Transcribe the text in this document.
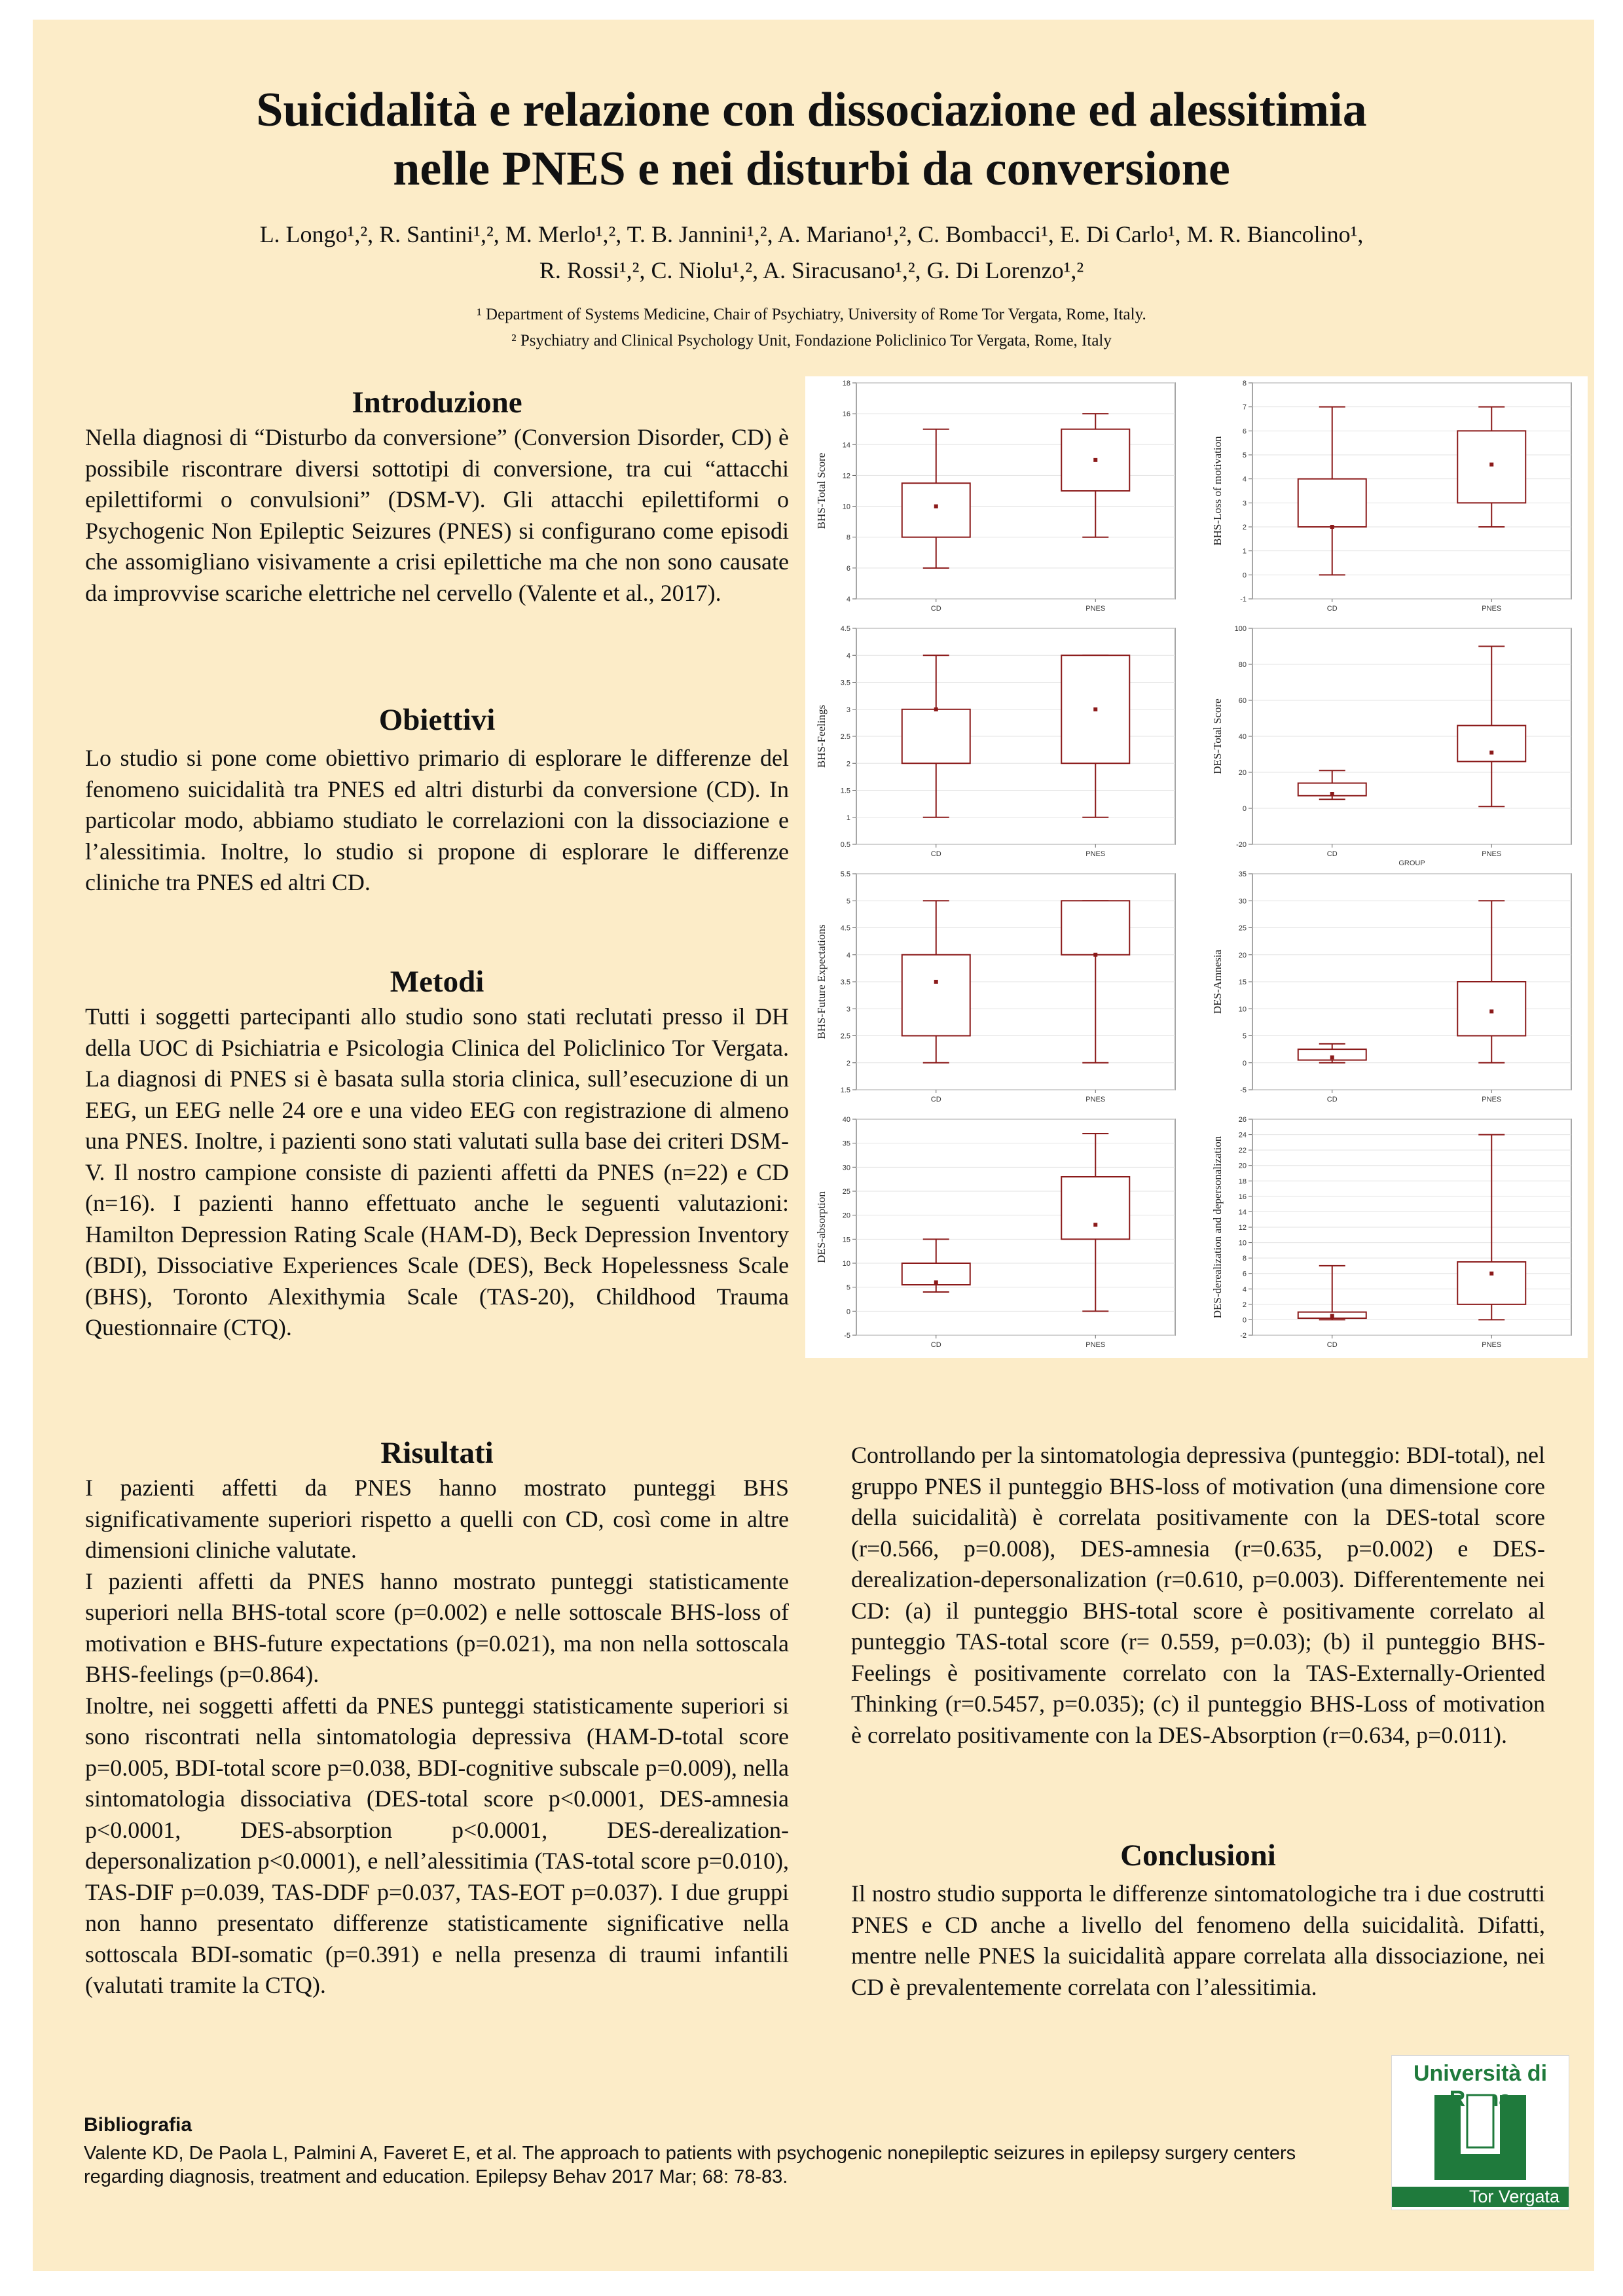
Suicidalità e relazione con dissociazione ed alessitimia
nelle PNES e nei disturbi da conversione
L. Longo¹,², R. Santini¹,², M. Merlo¹,², T. B. Jannini¹,², A. Mariano¹,², C. Bombacci¹, E. Di Carlo¹, M. R. Biancolino¹,
R. Rossi¹,², C. Niolu¹,², A. Siracusano¹,², G. Di Lorenzo¹,²
¹ Department of Systems Medicine, Chair of Psychiatry, University of Rome Tor Vergata, Rome, Italy.
² Psychiatry and Clinical Psychology Unit, Fondazione Policlinico Tor Vergata, Rome, Italy
Introduzione
Nella diagnosi di “Disturbo da conversione” (Conversion Disorder, CD) è possibile riscontrare diversi sottotipi di conversione, tra cui “attacchi epilettiformi o convulsioni” (DSM-V). Gli attacchi epilettiformi o Psychogenic Non Epileptic Seizures (PNES) si configurano come episodi che assomigliano visivamente a crisi epilettiche ma che non sono causate da improvvise scariche elettriche nel cervello (Valente et al., 2017).
Obiettivi
Lo studio si pone come obiettivo primario di esplorare le differenze del fenomeno suicidalità tra PNES ed altri disturbi da conversione (CD). In particolar modo, abbiamo studiato le correlazioni con la dissociazione e l’alessitimia. Inoltre, lo studio si propone di esplorare le differenze cliniche tra PNES ed altri CD.
Metodi
Tutti i soggetti partecipanti allo studio sono stati reclutati presso il DH della UOC di Psichiatria e Psicologia Clinica del Policlinico Tor Vergata. La diagnosi di PNES si è basata sulla storia clinica, sull’esecuzione di un EEG, un EEG nelle 24 ore e una video EEG con registrazione di almeno una PNES. Inoltre, i pazienti sono stati valutati sulla base dei criteri DSM-V. Il nostro campione consiste di pazienti affetti da PNES (n=22) e CD (n=16). I pazienti hanno effettuato anche le seguenti valutazioni: Hamilton Depression Rating Scale (HAM-D), Beck Depression Inventory (BDI), Dissociative Experiences Scale (DES), Beck Hopelessness Scale (BHS), Toronto Alexithymia Scale (TAS-20), Childhood Trauma Questionnaire (CTQ).
4
6
8
10
12
14
16
18
BHS-Total Score
CD	PNES
-1
0
1
2
3
4
5
6
7
8
BHS-Loss of motivation
CD	PNES
0.5
1
1.5
2
2.5
3
3.5
4
4.5
BHS-Feelings
CD	PNES
-20
0
20
40
60
80
100
DES-Total Score
CD	PNES
GROUP
1.5
2
2.5
3
3.5
4
4.5
5
5.5
BHS-Future Expectations
CD	PNES
-5
0
5
10
15
20
25
30
35
DES-Amnesia
CD	PNES
-5
0
5
10
15
20
25
30
35
40
DES-absorption
CD	PNES
-2
0
2
4
6
8
10
12
14
16
18
20
22
24
26
DES-derealization and depersonalization
CD	PNES
Risultati

I pazienti affetti da PNES hanno mostrato punteggi BHS significativamente superiori rispetto a quelli con CD, così come in altre dimensioni cliniche valutate.

I pazienti affetti da PNES hanno mostrato punteggi statisticamente superiori nella BHS-total score (p=0.002) e nelle sottoscale BHS-loss of motivation e BHS-future expectations (p=0.021), ma non nella sottoscala BHS-feelings (p=0.864).

Inoltre, nei soggetti affetti da PNES punteggi statisticamente superiori si sono riscontrati nella sintomatologia depressiva (HAM-D-total score p=0.005, BDI-total score p=0.038, BDI-cognitive subscale p=0.009), nella sintomatologia dissociativa (DES-total score p<0.0001, DES-amnesia p<0.0001, DES-absorption p<0.0001, DES-derealization-depersonalization p<0.0001), e nell’alessitimia (TAS-total score p=0.010), TAS-DIF p=0.039, TAS-DDF p=0.037, TAS-EOT p=0.037). I due gruppi non hanno presentato differenze statisticamente significative nella sottoscala BDI-somatic (p=0.391) e nella presenza di traumi infantili (valutati tramite la CTQ).

Controllando per la sintomatologia depressiva (punteggio: BDI-total), nel gruppo PNES il punteggio BHS-loss of motivation (una dimensione core della suicidalità) è correlata positivamente con la DES-total score (r=0.566, p=0.008), DES-amnesia (r=0.635, p=0.002) e DES-derealization-depersonalization (r=0.610, p=0.003). Differentemente nei CD: (a) il punteggio BHS-total score è positivamente correlato al punteggio TAS-total score (r= 0.559, p=0.03); (b) il punteggio BHS-Feelings è positivamente correlato con la TAS-Externally-Oriented Thinking (r=0.5457, p=0.035); (c) il punteggio BHS-Loss of motivation è correlato positivamente con la DES-Absorption (r=0.634, p=0.011).
Conclusioni
Il nostro studio supporta le differenze sintomatologiche tra i due costrutti PNES e CD anche a livello del fenomeno della suicidalità. Difatti, mentre nelle PNES la suicidalità appare correlata alla dissociazione, nei CD è prevalentemente correlata con l’alessitimia.
Università di
Tor Vergata
Bibliografia
Valente KD, De Paola L, Palmini A, Faveret E, et al. The approach to patients with psychogenic nonepileptic seizures in epilepsy surgery centers regarding diagnosis, treatment and education. Epilepsy Behav 2017 Mar; 68: 78-83.
